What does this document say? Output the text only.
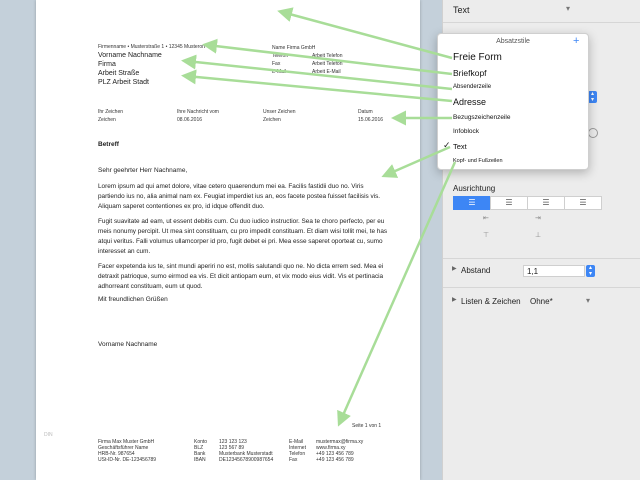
Firmenname • Musterstraße 1 • 12345 Musterort
Vorname Nachname
Firma
Arbeit Straße
PLZ Arbeit Stadt
Name Firma GmbH
Telefon	Arbeit Telefon
Fax	Arbeit Telefon
E-Mail	Arbeit E-Mail
Ihr Zeichen	Ihre Nachricht vom	Unser Zeichen	Datum
Zeichen	08.06.2016	Zeichen	15.06.2016
Betreff
Sehr geehrter Herr Nachname,
Lorem ipsum ad qui amet dolore, vitae cetero quaerendum mei ea. Facilis fastidii duo no. Viris partiendo ius no, alia animal nam ex. Feugiat imperdiet ius an, eos facete postea fuisset facilisis vis. Aliquam saperet contentiones ex pro, id idque offendit duo.
Fugit suavitate ad eam, ut essent debitis cum. Cu duo iudico instructior. Sea te choro perfecto, per eu meis nonumy percipit. Ut mea sint constituam, cu pro impedit constituam. Et diam wisi tollit mei, te has atqui veritus. Falli volumus ullamcorper id pro, fugit debet ei pri. Mea esse saperet oporteat cu, sumo interesset an cum.
Facer expetenda ius te, sint mundi aperiri no est, mollis salutandi quo ne. No dicta errem sed. Mea ei detraxit patrioque, sumo eirmod ea vis. Et dicit antiopam eum, et vix modo eius vidit. Vis et pertinacia adhorreant constituam, eum ut quod.
Mit freundlichen Grüßen
Vorname Nachname
Seite 1 von 1
Firma Max Muster GmbH
Geschäftsführer Name
HRB-Nr. 987654
USt-ID-Nr. DE-123456789
Konto
BLZ
Bank
IBAN
123 123 123
123 567 89
Musterbank Musterstadt
DE12345678900987654
E-Mail
Internet
Telefon
Fax
mustermax@firma.xy
www.firma.xy
+49 123 456 789
+49 123 456 789
DIN
Text	▾
▴
▾
Ausrichtung
☰	☰	☰	☰
⇤	⇥
⊤	⊥
▶ Abstand	1,1	▴
▾
▶ Listen & Zeichen Ohne*	▾
Absatzstile	+
Freie Form
Briefkopf
Absenderzeile
Adresse
Bezugszeichenzeile
Infoblock
✓ Text
Kopf- und Fußzeilen
